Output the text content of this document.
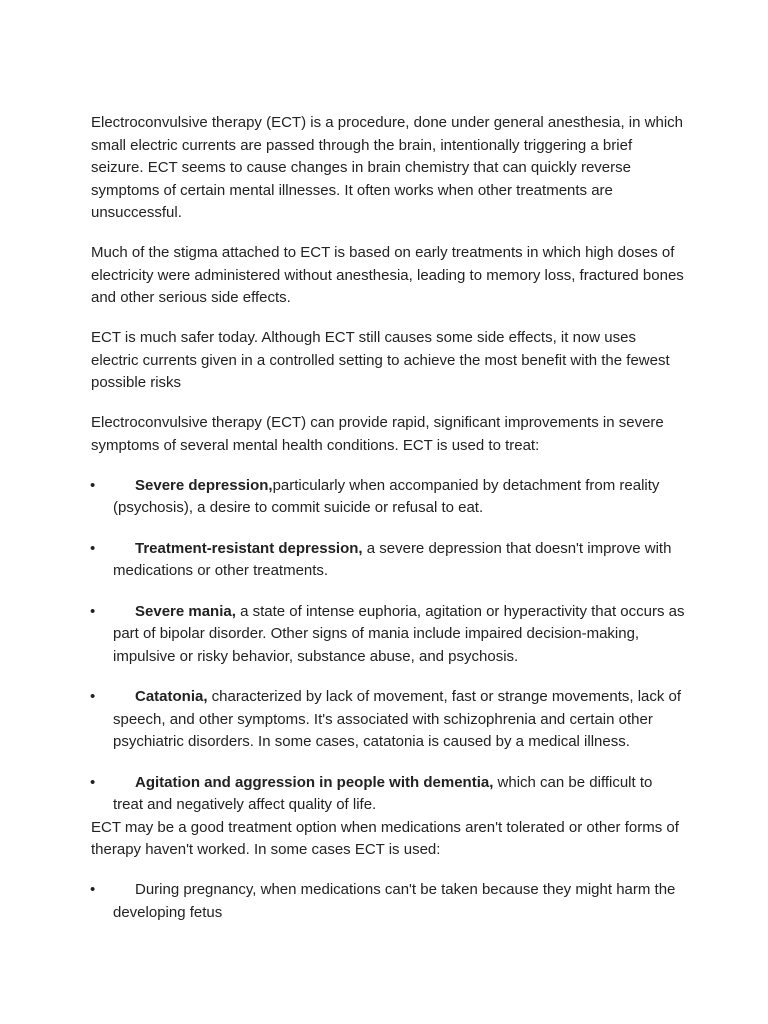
Electroconvulsive therapy (ECT) is a procedure, done under general anesthesia, in which small electric currents are passed through the brain, intentionally triggering a brief seizure. ECT seems to cause changes in brain chemistry that can quickly reverse symptoms of certain mental illnesses. It often works when other treatments are unsuccessful.

Much of the stigma attached to ECT is based on early treatments in which high doses of electricity were administered without anesthesia, leading to memory loss, fractured bones and other serious side effects.

ECT is much safer today. Although ECT still causes some side effects, it now uses electric currents given in a controlled setting to achieve the most benefit with the fewest possible risks

Electroconvulsive therapy (ECT) can provide rapid, significant improvements in severe symptoms of several mental health conditions. ECT is used to treat:

•	Severe depression,particularly when accompanied by detachment from reality (psychosis), a desire to commit suicide or refusal to eat.
•	Treatment-resistant depression, a severe depression that doesn't improve with medications or other treatments.
•	Severe mania, a state of intense euphoria, agitation or hyperactivity that occurs as part of bipolar disorder. Other signs of mania include impaired decision-making, impulsive or risky behavior, substance abuse, and psychosis.
•	Catatonia, characterized by lack of movement, fast or strange movements, lack of speech, and other symptoms. It's associated with schizophrenia and certain other psychiatric disorders. In some cases, catatonia is caused by a medical illness.
•	Agitation and aggression in people with dementia, which can be difficult to treat and negatively affect quality of life.

ECT may be a good treatment option when medications aren't tolerated or other forms of therapy haven't worked. In some cases ECT is used:

•	During pregnancy, when medications can't be taken because they might harm the developing fetus
